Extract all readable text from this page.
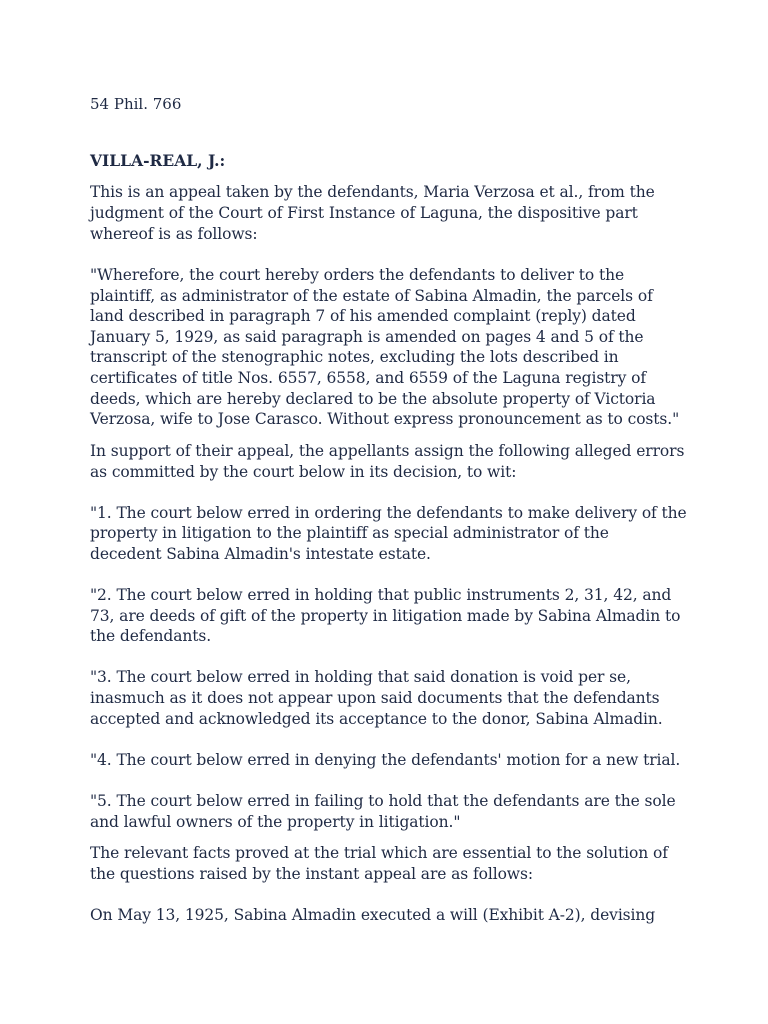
54 Phil. 766
VILLA-REAL, J.:
This is an appeal taken by the defendants, Maria Verzosa et al., from the
judgment of the Court of First Instance of Laguna, the dispositive part
whereof is as follows:
"Wherefore, the court hereby orders the defendants to deliver to the
plaintiff, as administrator of the estate of Sabina Almadin, the parcels of
land described in paragraph 7 of his amended complaint (reply) dated
January 5, 1929, as said paragraph is amended on pages 4 and 5 of the
transcript of the stenographic notes, excluding the lots described in
certificates of title Nos. 6557, 6558, and 6559 of the Laguna registry of
deeds, which are hereby declared to be the absolute property of Victoria
Verzosa, wife to Jose Carasco. Without express pronouncement as to costs."
In support of their appeal, the appellants assign the following alleged errors
as committed by the court below in its decision, to wit:
"1. The court below erred in ordering the defendants to make delivery of the
property in litigation to the plaintiff as special administrator of the
decedent Sabina Almadin's intestate estate.
"2. The court below erred in holding that public instruments 2, 31, 42, and
73, are deeds of gift of the property in litigation made by Sabina Almadin to
the defendants.
"3. The court below erred in holding that said donation is void per se,
inasmuch as it does not appear upon said documents that the defendants
accepted and acknowledged its acceptance to the donor, Sabina Almadin.
"4. The court below erred in denying the defendants' motion for a new trial.
"5. The court below erred in failing to hold that the defendants are the sole
and lawful owners of the property in litigation."
The relevant facts proved at the trial which are essential to the solution of
the questions raised by the instant appeal are as follows:
On May 13, 1925, Sabina Almadin executed a will (Exhibit A-2), devising
